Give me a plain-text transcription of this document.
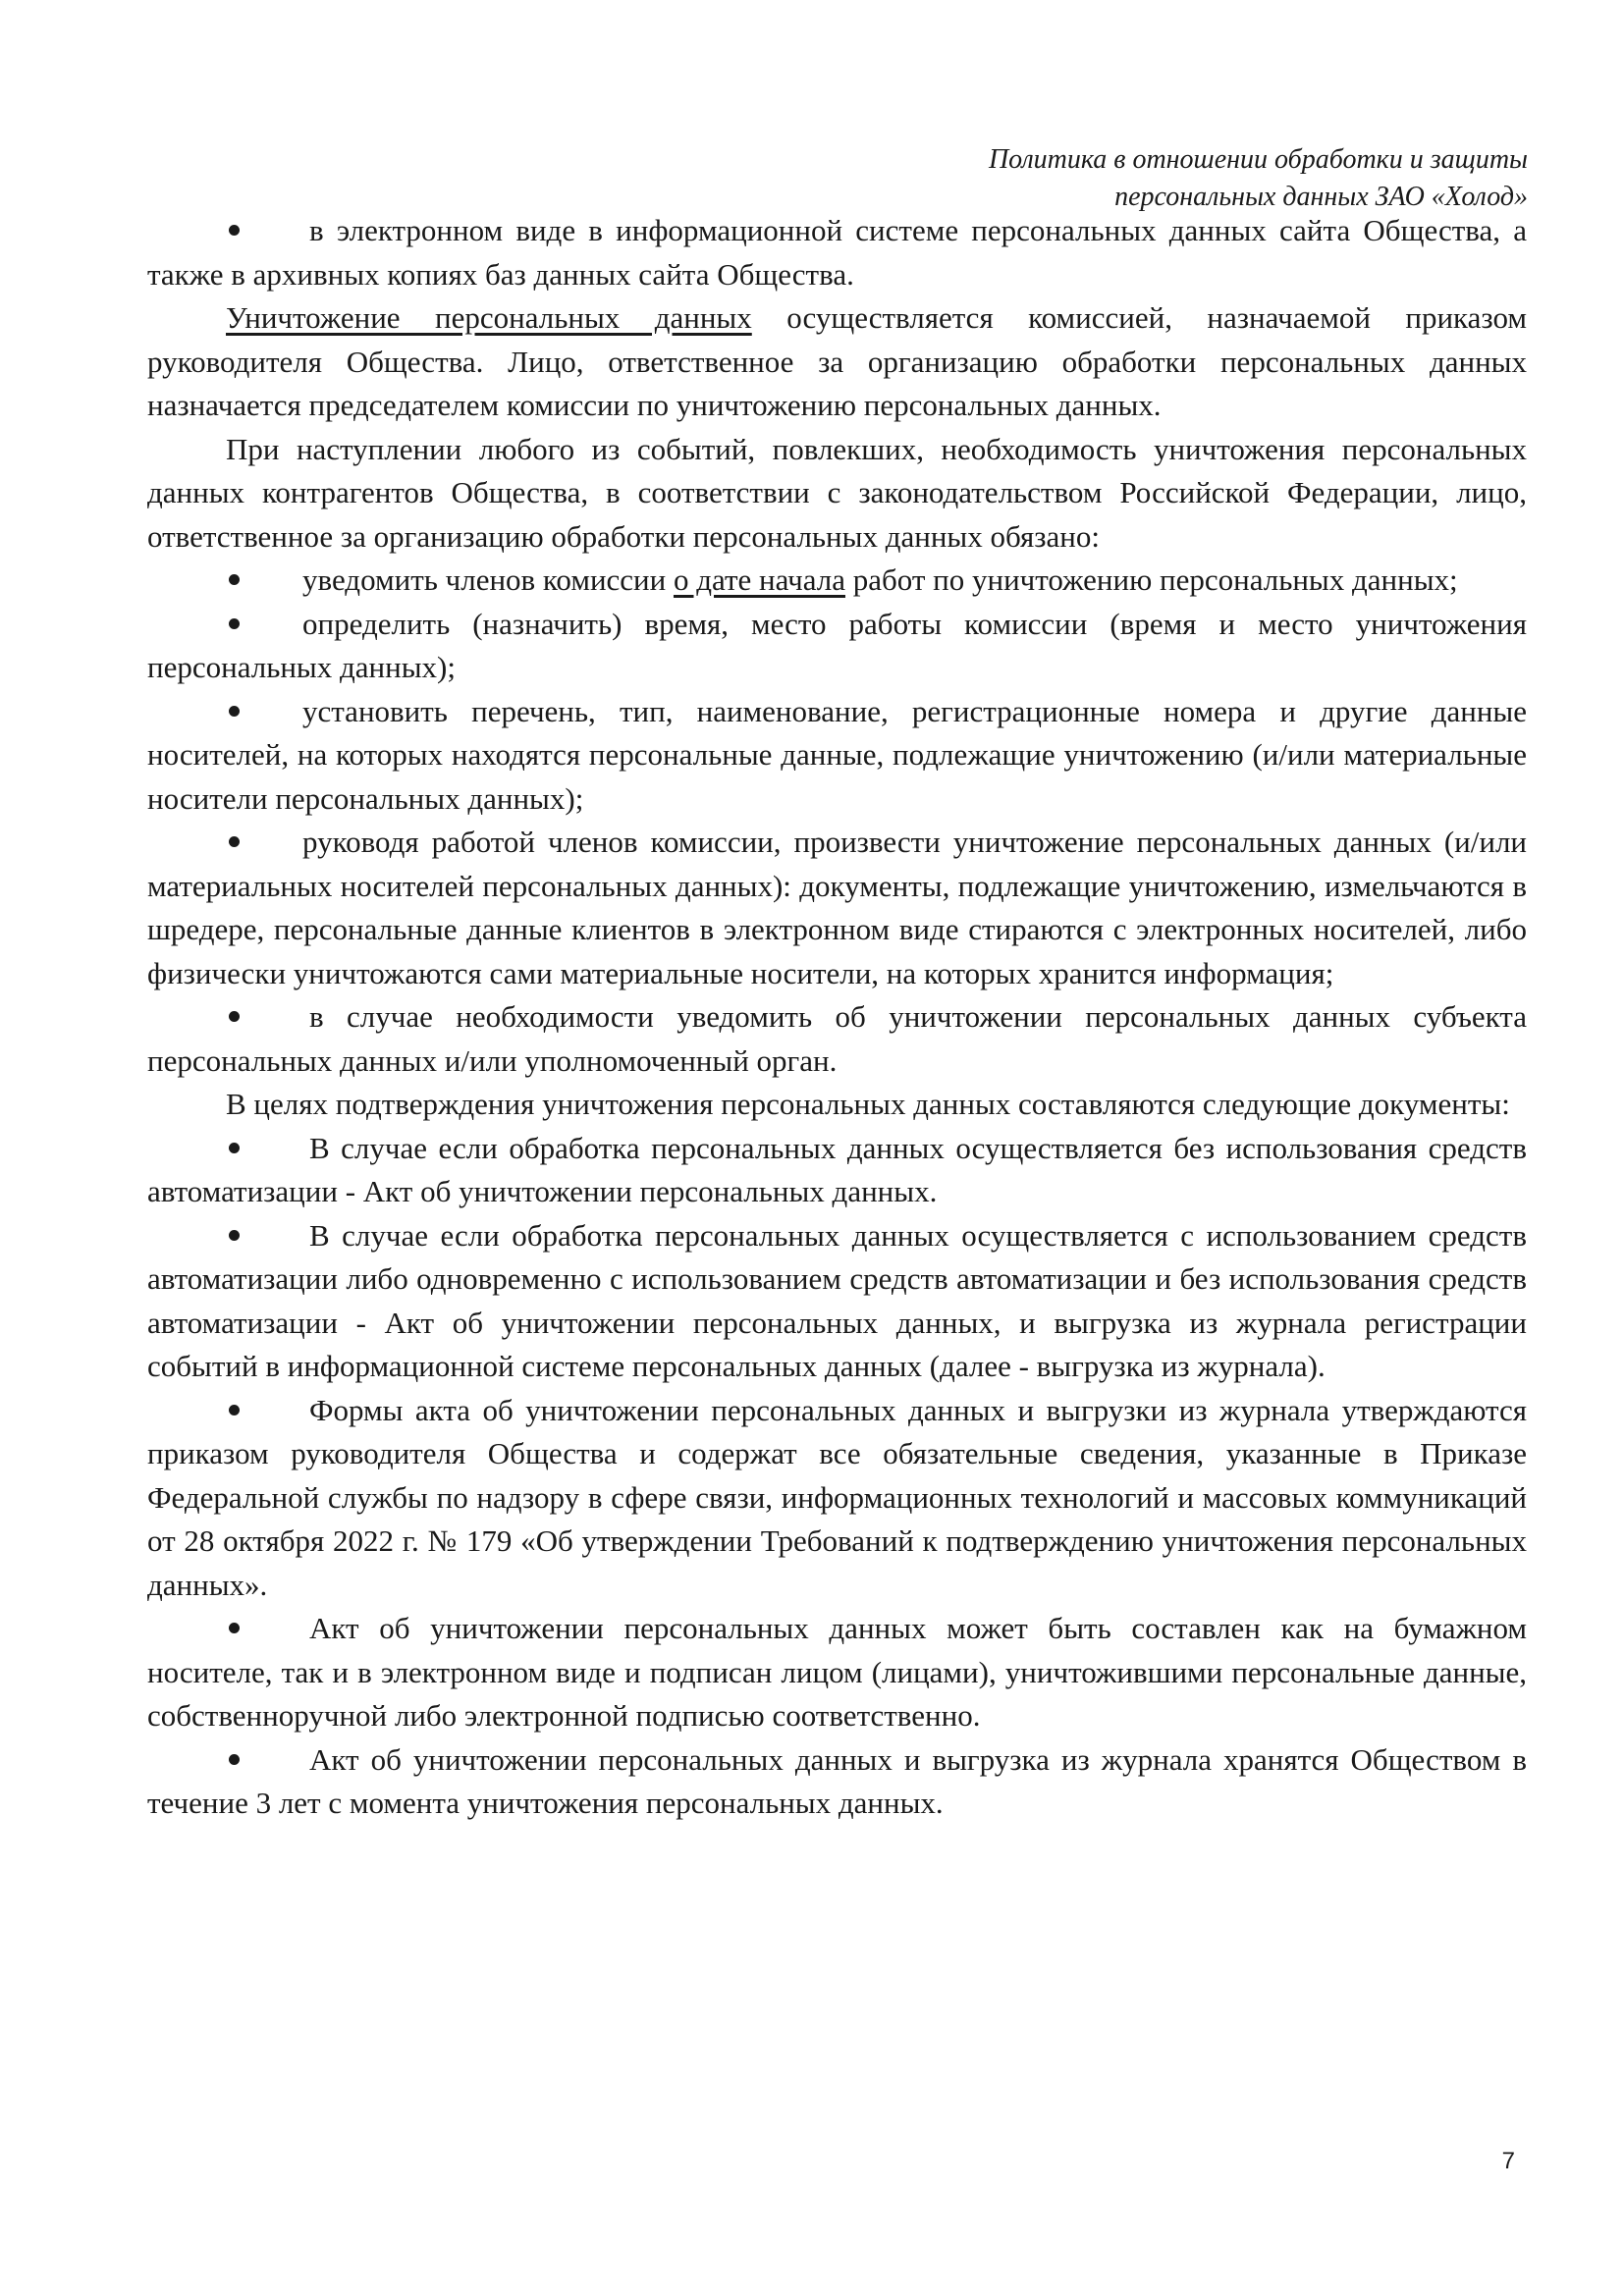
Политика в отношении обработки и защиты
персональных данных ЗАО «Холод»

в электронном виде в информационной системе персональных данных сайта Общества, а также в архивных копиях баз данных сайта Общества.

Уничтожение персональных данных осуществляется комиссией, назначаемой приказом руководителя Общества. Лицо, ответственное за организацию обработки персональных данных назначается председателем комиссии по уничтожению персональных данных.

При наступлении любого из событий, повлекших, необходимость уничтожения персональных данных контрагентов Общества, в соответствии с законодательством Российской Федерации, лицо, ответственное за организацию обработки персональных данных обязано:

уведомить членов комиссии о дате начала работ по уничтожению персональных данных;

определить (назначить) время, место работы комиссии (время и место уничтожения персональных данных);

установить перечень, тип, наименование, регистрационные номера и другие данные носителей, на которых находятся персональные данные, подлежащие уничтожению (и/или материальные носители персональных данных);

руководя работой членов комиссии, произвести уничтожение персональных данных (и/или материальных носителей персональных данных): документы, подлежащие уничтожению, измельчаются в шредере, персональные данные клиентов в электронном виде стираются с электронных носителей, либо физически уничтожаются сами материальные носители, на которых хранится информация;

в случае необходимости уведомить об уничтожении персональных данных субъекта персональных данных и/или уполномоченный орган.

В целях подтверждения уничтожения персональных данных составляются следующие документы:

В случае если обработка персональных данных осуществляется без использования средств автоматизации - Акт об уничтожении персональных данных.

В случае если обработка персональных данных осуществляется с использованием средств автоматизации либо одновременно с использованием средств автоматизации и без использования средств автоматизации - Акт об уничтожении персональных данных, и выгрузка из журнала регистрации событий в информационной системе персональных данных (далее - выгрузка из журнала).

Формы акта об уничтожении персональных данных и выгрузки из журнала утверждаются приказом руководителя Общества и содержат все обязательные сведения, указанные в Приказе Федеральной службы по надзору в сфере связи, информационных технологий и массовых коммуникаций от 28 октября 2022 г. № 179 «Об утверждении Требований к подтверждению уничтожения персональных данных».

Акт об уничтожении персональных данных может быть составлен как на бумажном носителе, так и в электронном виде и подписан лицом (лицами), уничтожившими персональные данные, собственноручной либо электронной подписью соответственно.

Акт об уничтожении персональных данных и выгрузка из журнала хранятся Обществом в течение 3 лет с момента уничтожения персональных данных.

7
